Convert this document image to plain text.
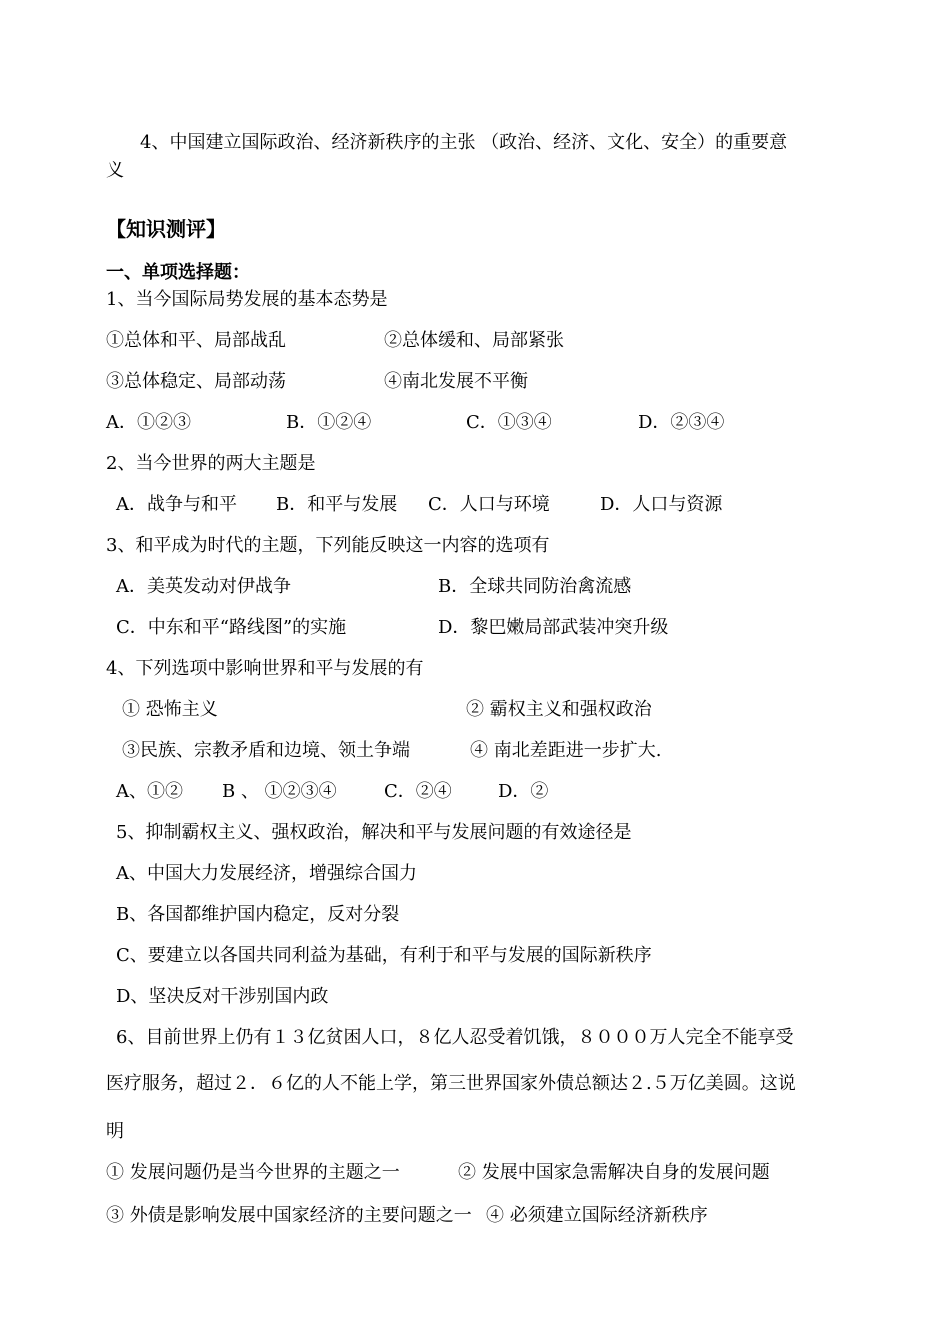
4、中国建立国际政治、经济新秩序的主张 （政治、经济、文化、安全）的重要意
义
【知识测评】
一、单项选择题：
1、当今国际局势发展的基本态势是
①总体和平、局部战乱	②总体缓和、局部紧张
③总体稳定、局部动荡	④南北发展不平衡
A．①②③	B．①②④	C．①③④	D．②③④
2、当今世界的两大主题是
A．战争与和平 B．和平与发展 C．人口与环境	D．人口与资源
3、和平成为时代的主题，下列能反映这一内容的选项有
A．美英发动对伊战争	B．全球共同防治禽流感
C．中东和平“路线图”的实施	D．黎巴嫩局部武装冲突升级
4、下列选项中影响世界和平与发展的有
① 恐怖主义	② 霸权主义和强权政治
③民族、宗教矛盾和边境、领土争端	④ 南北差距进一步扩大.
A、①② B 、 ①②③④	C．②④	D．②
5、抑制霸权主义、强权政治，解决和平与发展问题的有效途径是
A、中国大力发展经济，增强综合国力
B、各国都维护国内稳定，反对分裂
C、要建立以各国共同利益为基础，有利于和平与发展的国际新秩序
D、坚决反对干涉别国内政
6、目前世界上仍有１３亿贫困人口，８亿人忍受着饥饿，８０００万人完全不能享受
医疗服务，超过２．６亿的人不能上学，第三世界国家外债总额达２.５万亿美圆。这说
明
① 发展问题仍是当今世界的主题之一	② 发展中国家急需解决自身的发展问题
③ 外债是影响发展中国家经济的主要问题之一 ④ 必须建立国际经济新秩序
